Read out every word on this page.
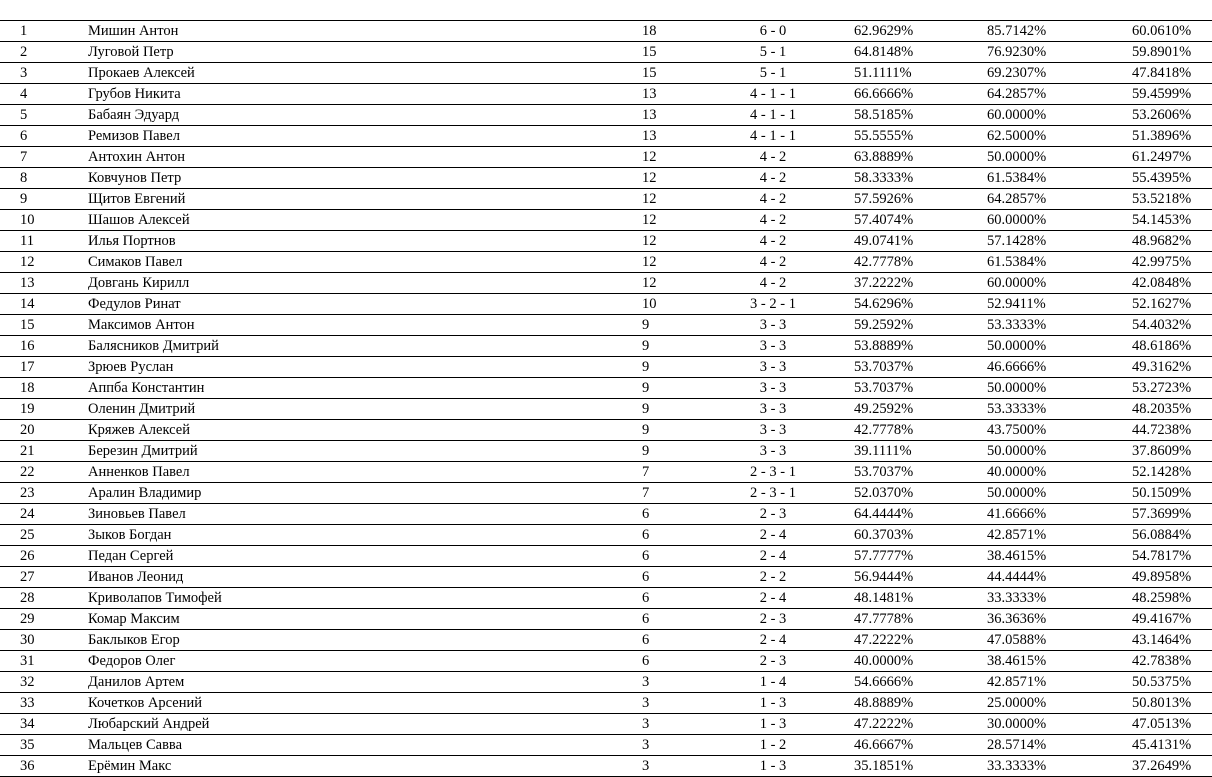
1	Мишин Антон	18	6 - 0	62.9629%	85.7142%	60.0610%
2	Луговой Петр	15	5 - 1	64.8148%	76.9230%	59.8901%
3	Прокаев Алексей	15	5 - 1	51.1111%	69.2307%	47.8418%
4	Грубов Никита	13	4 - 1 - 1	66.6666%	64.2857%	59.4599%
5	Бабаян Эдуард	13	4 - 1 - 1	58.5185%	60.0000%	53.2606%
6	Ремизов Павел	13	4 - 1 - 1	55.5555%	62.5000%	51.3896%
7	Антохин Антон	12	4 - 2	63.8889%	50.0000%	61.2497%
8	Ковчунов Петр	12	4 - 2	58.3333%	61.5384%	55.4395%
9	Щитов Евгений	12	4 - 2	57.5926%	64.2857%	53.5218%
10	Шашов Алексей	12	4 - 2	57.4074%	60.0000%	54.1453%
11	Илья Портнов	12	4 - 2	49.0741%	57.1428%	48.9682%
12	Симаков Павел	12	4 - 2	42.7778%	61.5384%	42.9975%
13	Довгань Кирилл	12	4 - 2	37.2222%	60.0000%	42.0848%
14	Федулов Ринат	10	3 - 2 - 1	54.6296%	52.9411%	52.1627%
15	Максимов Антон	9	3 - 3	59.2592%	53.3333%	54.4032%
16	Балясников Дмитрий	9	3 - 3	53.8889%	50.0000%	48.6186%
17	Зрюев Руслан	9	3 - 3	53.7037%	46.6666%	49.3162%
18	Аппба Константин	9	3 - 3	53.7037%	50.0000%	53.2723%
19	Оленин Дмитрий	9	3 - 3	49.2592%	53.3333%	48.2035%
20	Кряжев Алексей	9	3 - 3	42.7778%	43.7500%	44.7238%
21	Березин Дмитрий	9	3 - 3	39.1111%	50.0000%	37.8609%
22	Анненков Павел	7	2 - 3 - 1	53.7037%	40.0000%	52.1428%
23	Аралин Владимир	7	2 - 3 - 1	52.0370%	50.0000%	50.1509%
24	Зиновьев Павел	6	2 - 3	64.4444%	41.6666%	57.3699%
25	Зыков Богдан	6	2 - 4	60.3703%	42.8571%	56.0884%
26	Педан Сергей	6	2 - 4	57.7777%	38.4615%	54.7817%
27	Иванов Леонид	6	2 - 2	56.9444%	44.4444%	49.8958%
28	Криволапов Тимофей	6	2 - 4	48.1481%	33.3333%	48.2598%
29	Комар Максим	6	2 - 3	47.7778%	36.3636%	49.4167%
30	Баклыков Егор	6	2 - 4	47.2222%	47.0588%	43.1464%
31	Федоров Олег	6	2 - 3	40.0000%	38.4615%	42.7838%
32	Данилов Артем	3	1 - 4	54.6666%	42.8571%	50.5375%
33	Кочетков Арсений	3	1 - 3	48.8889%	25.0000%	50.8013%
34	Любарский Андрей	3	1 - 3	47.2222%	30.0000%	47.0513%
35	Мальцев Савва	3	1 - 2	46.6667%	28.5714%	45.4131%
36	Ерёмин Макс	3	1 - 3	35.1851%	33.3333%	37.2649%
